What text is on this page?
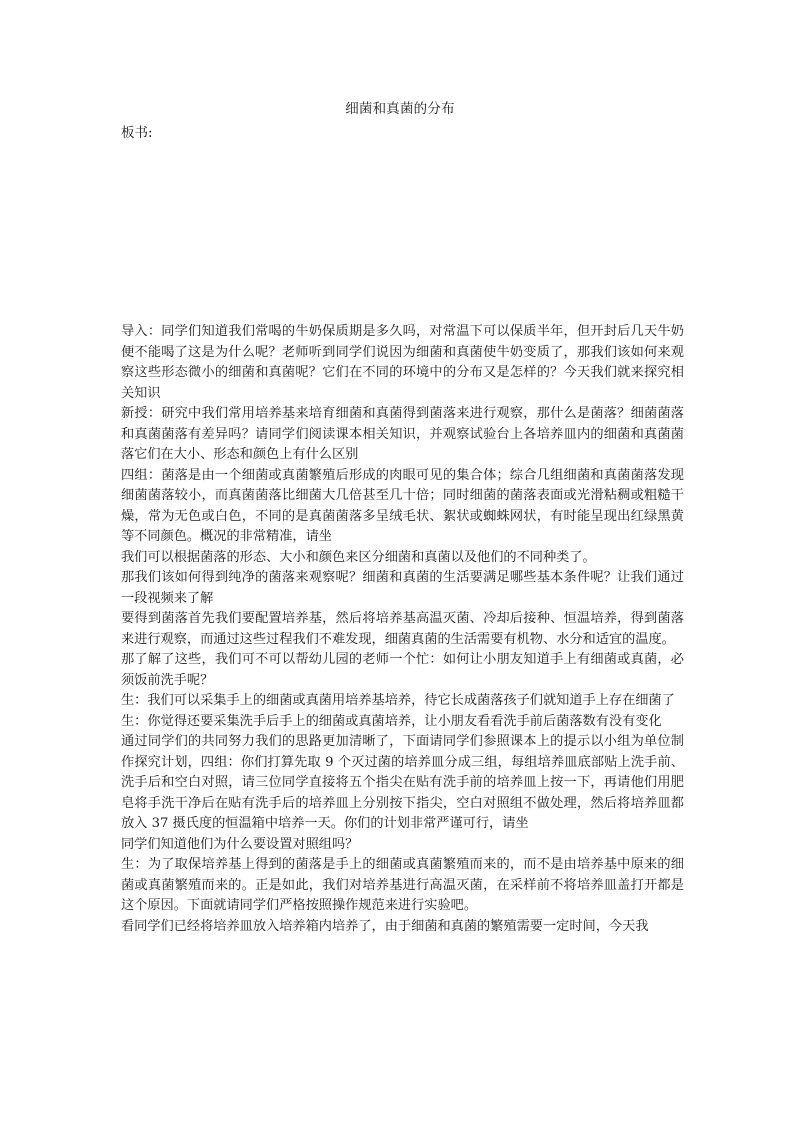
细菌和真菌的分布
板书:

导入：同学们知道我们常喝的牛奶保质期是多久吗，对常温下可以保质半年，但开封后几天牛奶便不能喝了这是为什么呢？老师听到同学们说因为细菌和真菌使牛奶变质了，那我们该如何来观察这些形态微小的细菌和真菌呢？它们在不同的环境中的分布又是怎样的？今天我们就来探究相关知识

新授：研究中我们常用培养基来培育细菌和真菌得到菌落来进行观察，那什么是菌落？细菌菌落和真菌菌落有差异吗？请同学们阅读课本相关知识，并观察试验台上各培养皿内的细菌和真菌菌落它们在大小、形态和颜色上有什么区别

四组：菌落是由一个细菌或真菌繁殖后形成的肉眼可见的集合体；综合几组细菌和真菌菌落发现细菌菌落较小，而真菌菌落比细菌大几倍甚至几十倍；同时细菌的菌落表面或光滑粘稠或粗糙干燥，常为无色或白色，不同的是真菌菌落多呈绒毛状、絮状或蜘蛛网状，有时能呈现出红绿黑黄等不同颜色。概况的非常精准，请坐

我们可以根据菌落的形态、大小和颜色来区分细菌和真菌以及他们的不同种类了。

那我们该如何得到纯净的菌落来观察呢？细菌和真菌的生活要满足哪些基本条件呢？让我们通过一段视频来了解

要得到菌落首先我们要配置培养基，然后将培养基高温灭菌、冷却后接种、恒温培养，得到菌落来进行观察，而通过这些过程我们不难发现，细菌真菌的生活需要有机物、水分和适宜的温度。

那了解了这些，我们可不可以帮幼儿园的老师一个忙：如何让小朋友知道手上有细菌或真菌，必须饭前洗手呢？

生：我们可以采集手上的细菌或真菌用培养基培养，待它长成菌落孩子们就知道手上存在细菌了

生：你觉得还要采集洗手后手上的细菌或真菌培养，让小朋友看看洗手前后菌落数有没有变化

通过同学们的共同努力我们的思路更加清晰了，下面请同学们参照课本上的提示以小组为单位制作探究计划，四组：你们打算先取 9 个灭过菌的培养皿分成三组，每组培养皿底部贴上洗手前、洗手后和空白对照，请三位同学直接将五个指尖在贴有洗手前的培养皿上按一下，再请他们用肥皂将手洗干净后在贴有洗手后的培养皿上分别按下指尖，空白对照组不做处理，然后将培养皿都放入 37 摄氏度的恒温箱中培养一天。你们的计划非常严谨可行，请坐

同学们知道他们为什么要设置对照组吗？

生：为了取保培养基上得到的菌落是手上的细菌或真菌繁殖而来的，而不是由培养基中原来的细菌或真菌繁殖而来的。正是如此，我们对培养基进行高温灭菌，在采样前不将培养皿盖打开都是这个原因。下面就请同学们严格按照操作规范来进行实验吧。

看同学们已经将培养皿放入培养箱内培养了，由于细菌和真菌的繁殖需要一定时间，今天我
